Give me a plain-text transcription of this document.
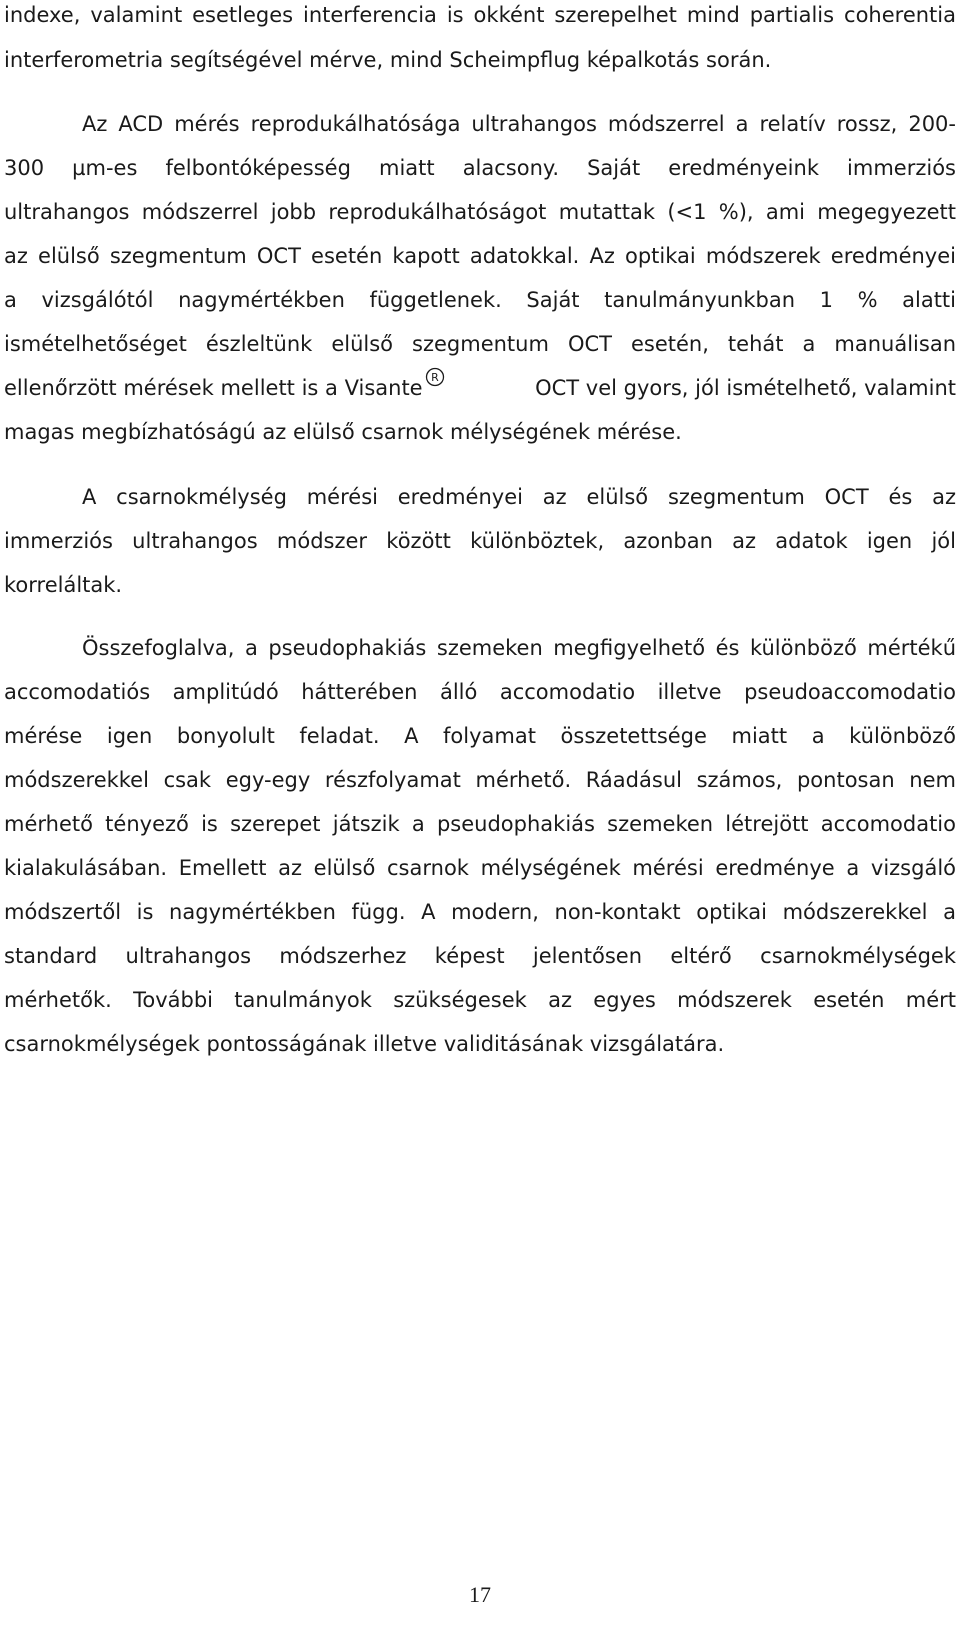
indexe, valamint esetleges interferencia is okként szerepelhet mind partialis coherentia
interferometria segítségével mérve, mind Scheimpflug képalkotás során.
Az ACD mérés reprodukálhatósága ultrahangos módszerrel a relatív rossz, 200-
300 µm-es felbontóképesség miatt alacsony. Saját eredményeink immerziós
ultrahangos módszerrel jobb reprodukálhatóságot mutattak (<1 %), ami megegyezett
az elülső szegmentum OCT esetén kapott adatokkal. Az optikai módszerek eredményei
a vizsgálótól nagymértékben függetlenek. Saját tanulmányunkban 1 % alatti
ismételhetőséget észleltünk elülső szegmentum OCT esetén, tehát a manuálisan
ellenőrzött mérések mellett is a Visante R	OCT vel gyors, jól ismételhető, valamint
magas megbízhatóságú az elülső csarnok mélységének mérése.
A csarnokmélység mérési eredményei az elülső szegmentum OCT és az
immerziós ultrahangos módszer között különböztek, azonban az adatok igen jól
korreláltak.
Összefoglalva, a pseudophakiás szemeken megfigyelhető és különböző mértékű
accomodatiós amplitúdó hátterében álló accomodatio illetve pseudoaccomodatio
mérése igen bonyolult feladat. A folyamat összetettsége miatt a különböző
módszerekkel csak egy-egy részfolyamat mérhető. Ráadásul számos, pontosan nem
mérhető tényező is szerepet játszik a pseudophakiás szemeken létrejött accomodatio
kialakulásában. Emellett az elülső csarnok mélységének mérési eredménye a vizsgáló
módszertől is nagymértékben függ. A modern, non-kontakt optikai módszerekkel a
standard ultrahangos módszerhez képest jelentősen eltérő csarnokmélységek
mérhetők. További tanulmányok szükségesek az egyes módszerek esetén mért
csarnokmélységek pontosságának illetve validitásának vizsgálatára.
17
